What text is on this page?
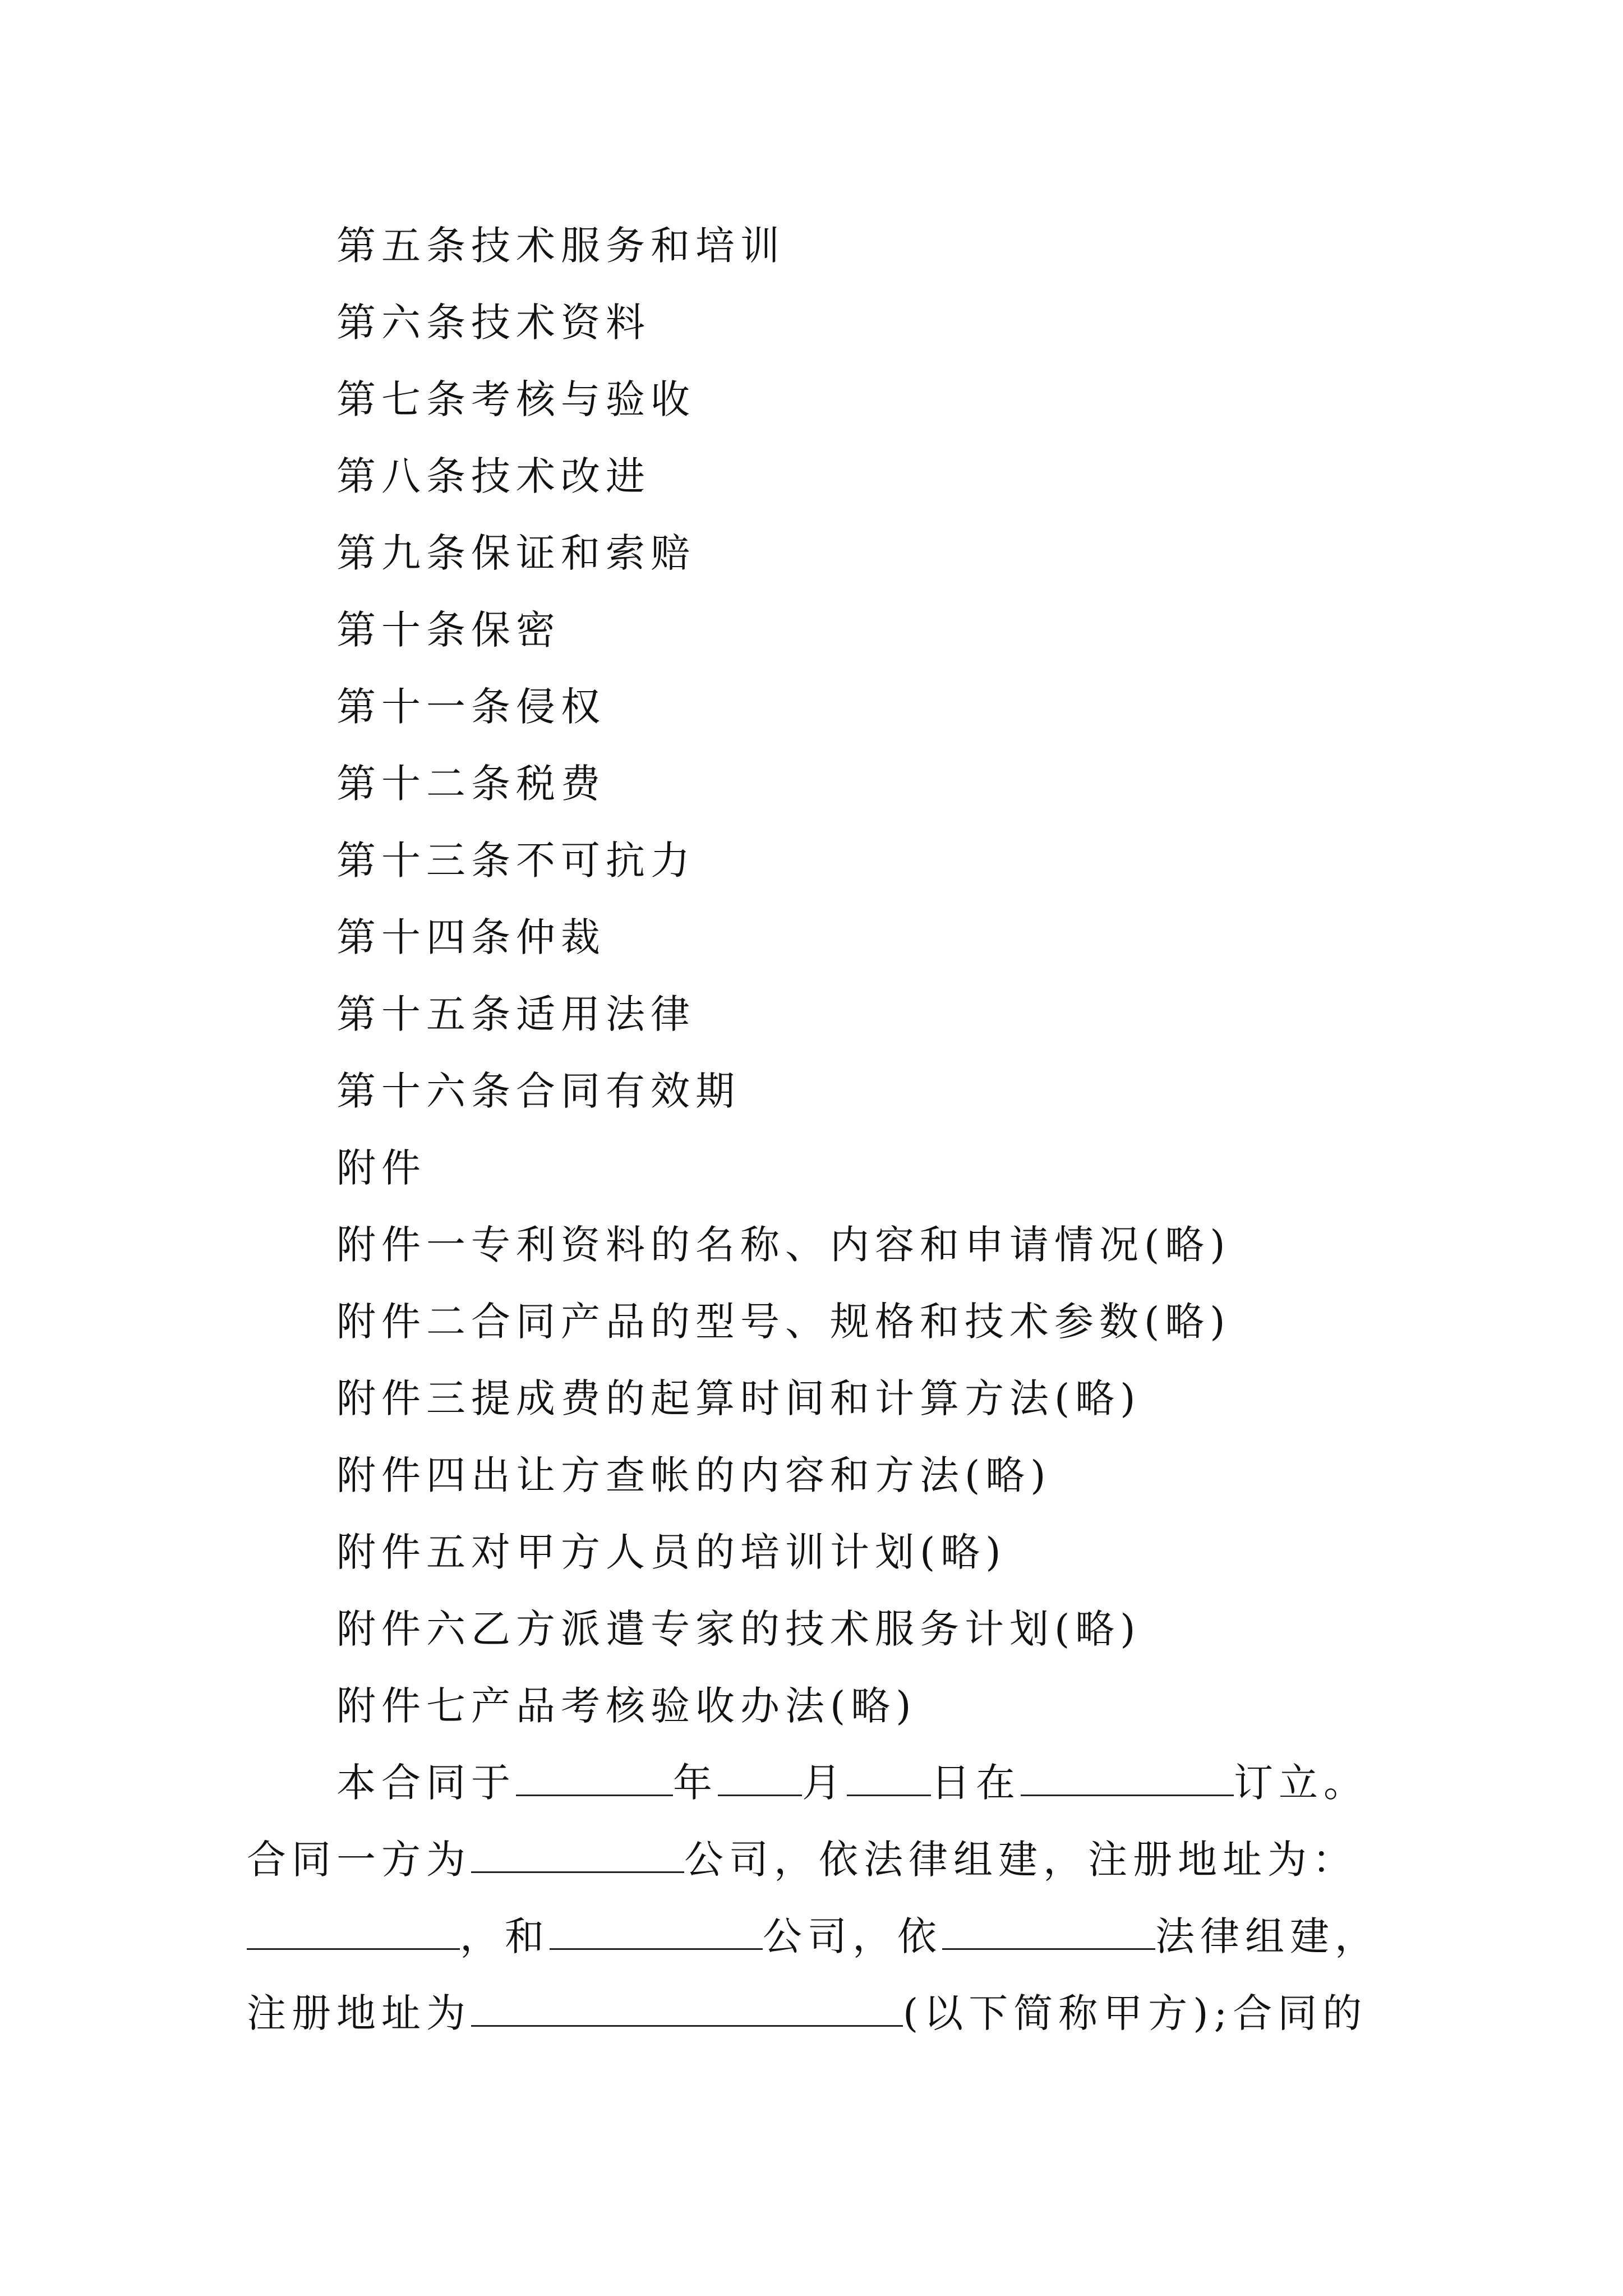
第五条技术服务和培训
第六条技术资料
第七条考核与验收
第八条技术改进
第九条保证和索赔
第十条保密
第十一条侵权
第十二条税费
第十三条不可抗力
第十四条仲裁
第十五条适用法律
第十六条合同有效期
附件
附件一专利资料的名称、内容和申请情况(略)
附件二合同产品的型号、规格和技术参数(略)
附件三提成费的起算时间和计算方法(略)
附件四出让方查帐的内容和方法(略)
附件五对甲方人员的培训计划(略)
附件六乙方派遣专家的技术服务计划(略)
附件七产品考核验收办法(略)
本合同于	年 月 日在	订立。
合同一方为	公司，依法律组建，注册地址为：
，和	公司，依	法律组建，
注册地址为	(以下简称甲方);合同的
